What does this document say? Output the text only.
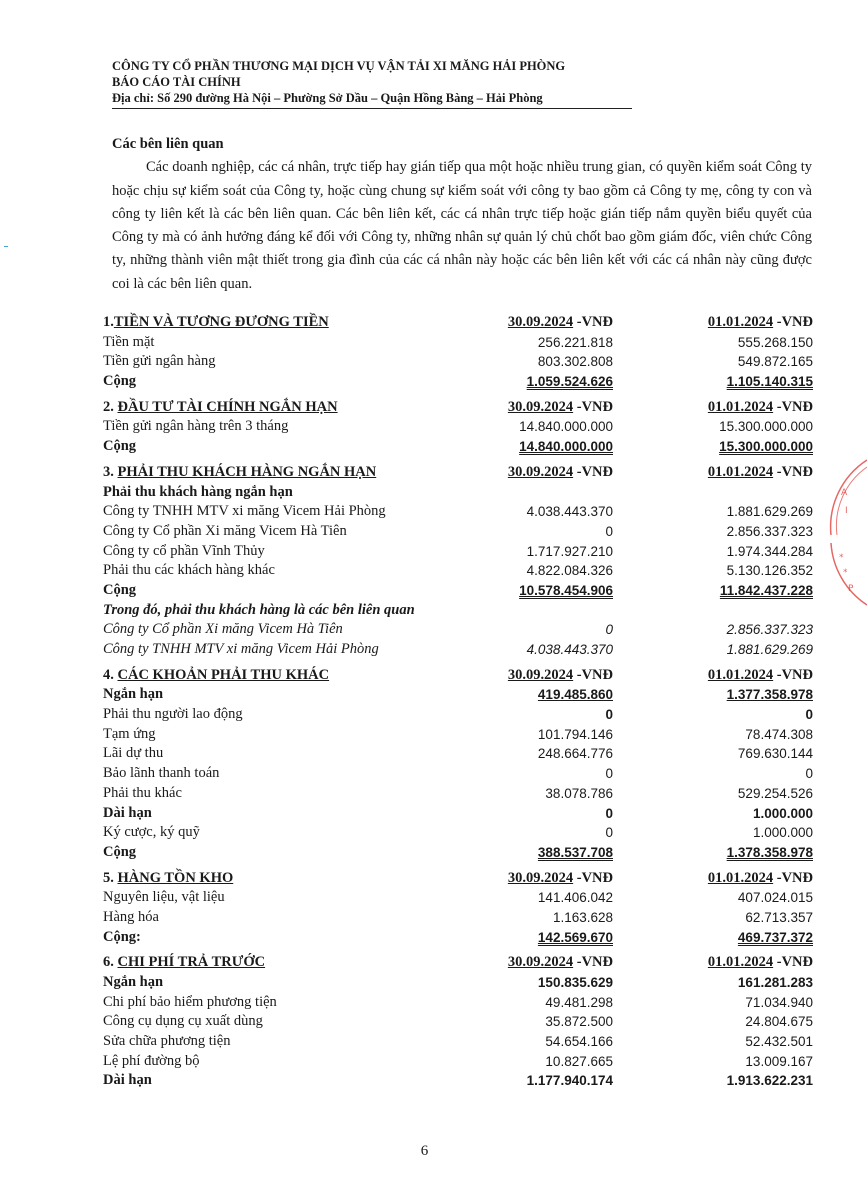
CÔNG TY CỔ PHẦN THƯƠNG MẠI DỊCH VỤ VẬN TẢI XI MĂNG HẢI PHÒNG
BÁO CÁO TÀI CHÍNH
Địa chỉ: Số 290 đường Hà Nội – Phường Sở Dầu – Quận Hồng Bàng – Hải Phòng
Các bên liên quan

Các doanh nghiệp, các cá nhân, trực tiếp hay gián tiếp qua một hoặc nhiều trung gian, có quyền kiểm soát Công ty hoặc chịu sự kiểm soát của Công ty, hoặc cùng chung sự kiểm soát với công ty bao gồm cả Công ty mẹ, công ty con và công ty liên kết là các bên liên quan. Các bên liên kết, các cá nhân trực tiếp hoặc gián tiếp nắm quyền biểu quyết của Công ty mà có ảnh hưởng đáng kể đối với Công ty, những nhân sự quản lý chủ chốt bao gồm giám đốc, viên chức Công ty, những thành viên mật thiết trong gia đình của các cá nhân này hoặc các bên liên kết với các cá nhân này cũng được coi là các bên liên quan.

1.TIỀN VÀ TƯƠNG ĐƯƠNG TIỀN	30.09.2024 -VNĐ	01.01.2024 -VNĐ
Tiền mặt	256.221.818	555.268.150
Tiền gửi ngân hàng	803.302.808	549.872.165
Cộng	1.059.524.626	1.105.140.315
2. ĐẦU TƯ TÀI CHÍNH NGẮN HẠN	30.09.2024 -VNĐ	01.01.2024 -VNĐ
Tiền gửi ngân hàng trên 3 tháng	14.840.000.000	15.300.000.000
Cộng	14.840.000.000	15.300.000.000
3. PHẢI THU KHÁCH HÀNG NGẮN HẠN	30.09.2024 -VNĐ	01.01.2024 -VNĐ
Phải thu khách hàng ngắn hạn
Công ty TNHH MTV xi măng Vicem Hải Phòng	4.038.443.370	1.881.629.269
Công ty Cổ phần Xi măng Vicem Hà Tiên	0	2.856.337.323
Công ty cổ phần Vĩnh Thủy	1.717.927.210	1.974.344.284
Phải thu các khách hàng khác	4.822.084.326	5.130.126.352
Cộng	10.578.454.906	11.842.437.228
Trong đó, phải thu khách hàng là các bên liên quan
Công ty Cổ phần Xi măng Vicem Hà Tiên	0	2.856.337.323
Công ty TNHH MTV xi măng Vicem Hải Phòng	4.038.443.370	1.881.629.269
4. CÁC KHOẢN PHẢI THU KHÁC	30.09.2024 -VNĐ	01.01.2024 -VNĐ
Ngắn hạn	419.485.860	1.377.358.978
Phải thu người lao động	0	0
Tạm ứng	101.794.146	78.474.308
Lãi dự thu	248.664.776	769.630.144
Bảo lãnh thanh toán	0	0
Phải thu khác	38.078.786	529.254.526
Dài hạn	0	1.000.000
Ký cược, ký quỹ	0	1.000.000
Cộng	388.537.708	1.378.358.978
5. HÀNG TỒN KHO	30.09.2024 -VNĐ	01.01.2024 -VNĐ
Nguyên liệu, vật liệu	141.406.042	407.024.015
Hàng hóa	1.163.628	62.713.357
Cộng:	142.569.670	469.737.372
6. CHI PHÍ TRẢ TRƯỚC	30.09.2024 -VNĐ	01.01.2024 -VNĐ
Ngắn hạn	150.835.629	161.281.283
Chi phí bảo hiểm phương tiện	49.481.298	71.034.940
Công cụ dụng cụ xuất dùng	35.872.500	24.804.675
Sửa chữa phương tiện	54.654.166	52.432.501
Lệ phí đường bộ	10.827.665	13.009.167
Dài hạn	1.177.940.174	1.913.622.231
A
I
*
*
P
6
